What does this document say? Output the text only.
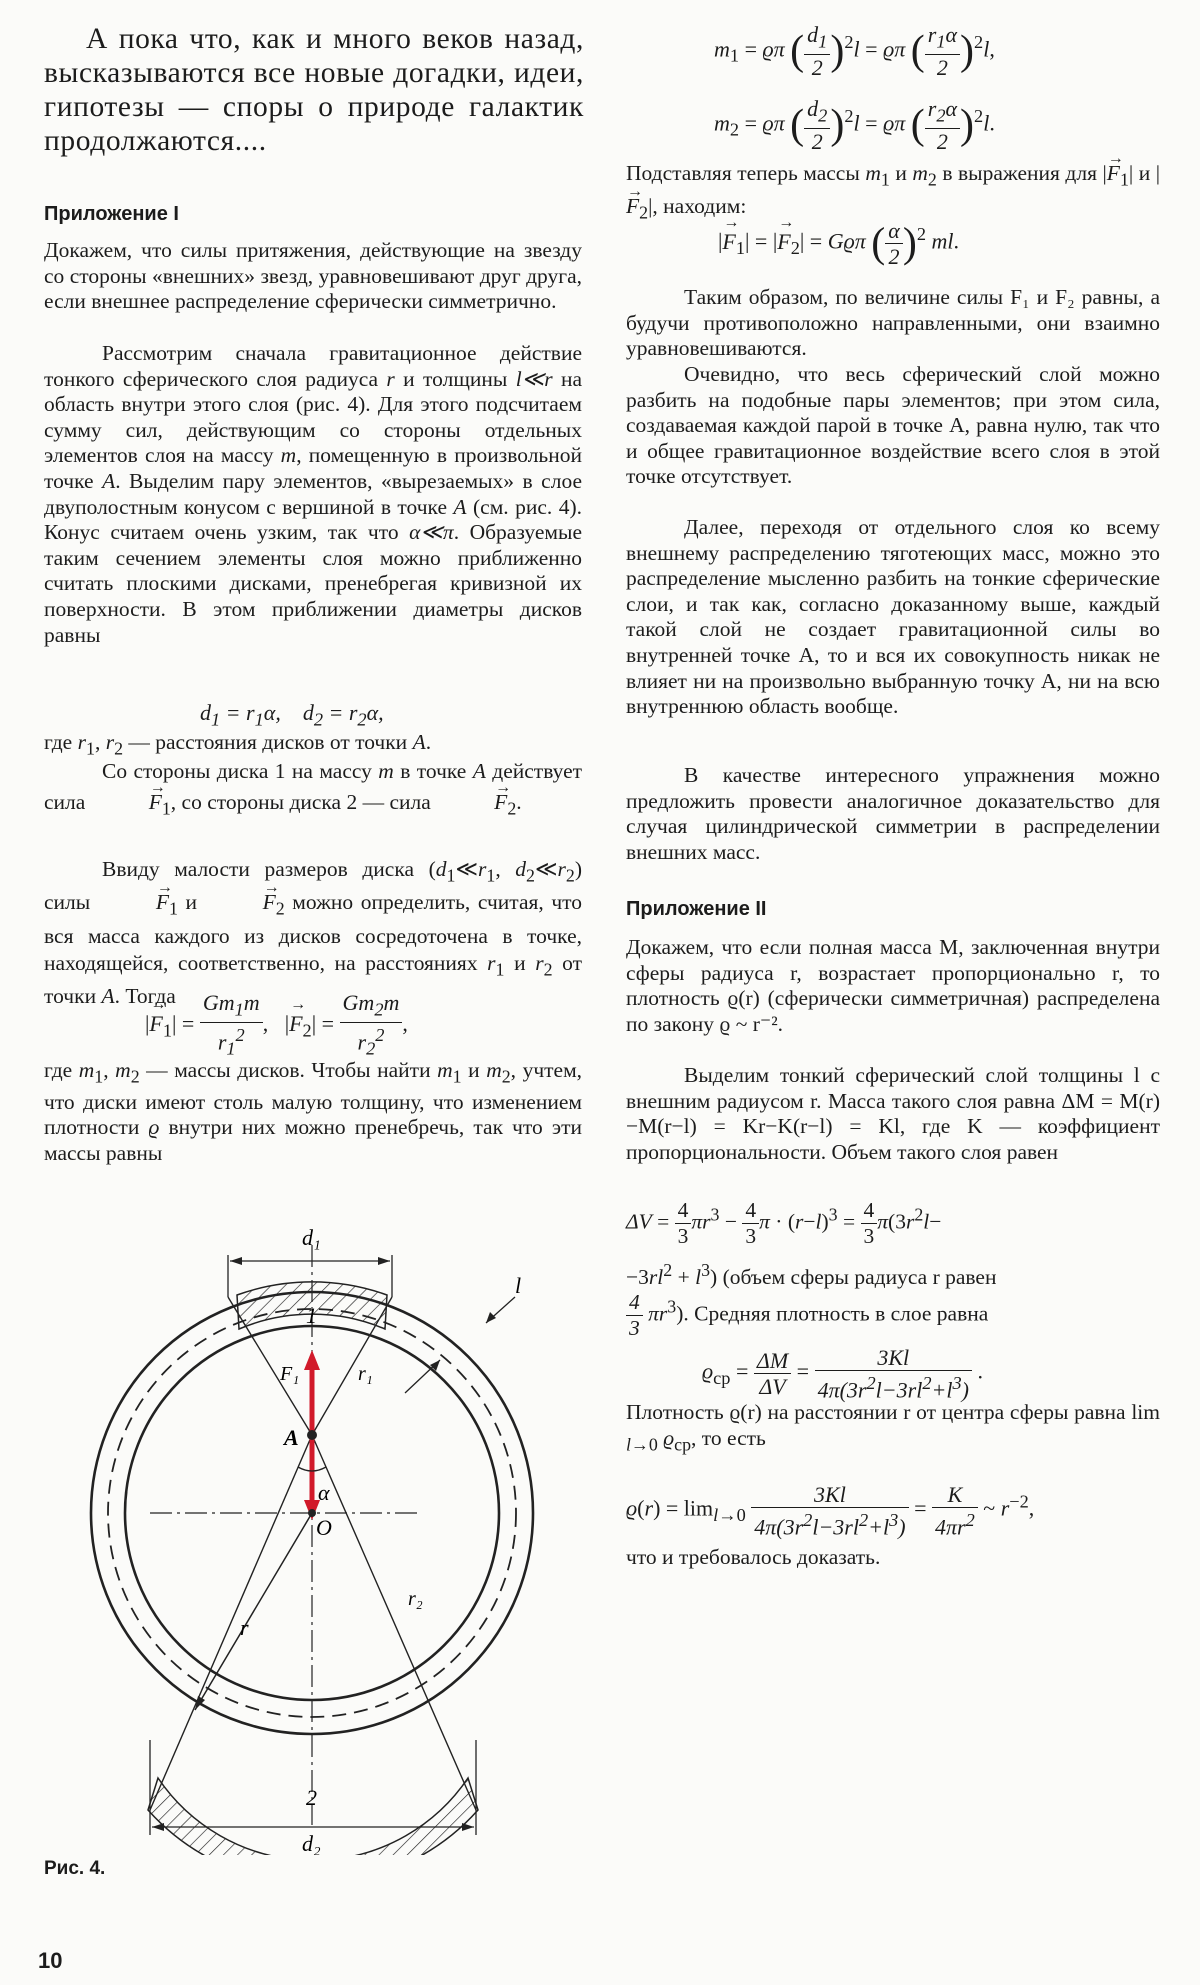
А пока что, как и много веков назад, высказываются все новые догадки, идеи, гипотезы — споры о природе галактик продолжаются....

Приложение I

Докажем, что силы притяжения, действующие на звезду со стороны «внешних» звезд, уравновешивают друг друга, если внешнее распределение сферически симметрично.

Рассмотрим сначала гравитационное действие тонкого сферического слоя радиуса r и толщины l≪r на область внутри этого слоя (рис. 4). Для этого подсчитаем сумму сил, действующим со стороны отдельных элементов слоя на массу m, помещенную в произвольной точке A. Выделим пару элементов, «вырезаемых» в слое двуполостным конусом с вершиной в точке A (см. рис. 4). Конус считаем очень узким, так что α≪π. Образуемые таким сечением элементы слоя можно приближенно считать плоскими дисками, пренебрегая кривизной их поверхности. В этом приближении диаметры дисков равны

$d_1 = r_1\alpha$,    $d_2 = r_2\alpha$,

где $r_1$, $r_2$ — расстояния дисков от точки A.

Со стороны диска 1 на массу m в точке A действует сила	→ $F_1$, со стороны диска 2 — сила	→ $F_2$.

Ввиду малости размеров диска ($d_1≪r_1$, $d_2≪r_2$) силы	→ $F_1$ и	→ $F_2$ можно определить, считая, что вся масса каждого из дисков сосредоточена в точке, находящейся, соответственно, на расстояниях $r_1$ и $r_2$ от точки A. Тогда

|→ $F_1| = \frac{Gm_1m}{r_1^2}$ ,   |→ $F_2| = \frac{Gm_2m}{r_2^2}$ ,

где $m_1$, $m_2$ — массы дисков. Чтобы найти $m_1$ и $m_2$, учтем, что диски имеют столь малую толщину, что изменением плотности ϱ внутри них можно пренебречь, так что эти массы равны

d₁
1
l
F₁	r₁
A
α
O
r
r₂
2
d₂
Рис. 4.
10
$m_1 = ϱ\pi$ ( $\frac{d_1}{2} )^2l = ϱ\pi$ ( $\frac{r_1\alpha}{2} )^2l$,
$m_2 = ϱ\pi$ ( $\frac{d_2}{2} )^2l = ϱ\pi$ ( $\frac{r_2\alpha}{2} )^2l$.

Подставляя теперь массы $m_1$ и $m_2$ в выражения для |→ $F_1|$ и |→ $F_2|$, находим:

|→ $F_1|$ = |→ $F_2| = Gϱ\pi$ ( $\frac{\alpha}{2} )^2$ ml.

Таким образом, по величине силы F₁ и F₂ равны, а будучи противоположно направленными, они взаимно уравновешиваются.

Очевидно, что весь сферический слой можно разбить на подобные пары элементов; при этом сила, создаваемая каждой парой в точке A, равна нулю, так что и общее гравитационное воздействие всего слоя в этой точке отсутствует.

Далее, переходя от отдельного слоя ко всему внешнему распределению тяготеющих масс, можно это распределение мысленно разбить на тонкие сферические слои, и так как, согласно доказанному выше, каждый такой слой не создает гравитационной силы во внутренней точке A, то и вся их совокупность никак не влияет ни на произвольно выбранную точку A, ни на всю внутреннюю область вообще.

В качестве интересного упражнения можно предложить провести аналогичное доказательство для случая цилиндрической симметрии в распределении внешних масс.

Приложение II

Докажем, что если полная масса M, заключенная внутри сферы радиуса r, возрастает пропорционально r, то плотность ϱ(r) (сферически симметричная) распределена по закону ϱ ~ r⁻².

Выделим тонкий сферический слой толщины l с внешним радиусом r. Масса такого слоя равна ΔM = M(r)−M(r−l) = Kr−K(r−l) = Kl, где K — коэффициент пропорциональности. Объем такого слоя равен

$\Delta V = \frac{4}{3} \pi r^3 - \frac{4}{3}$ $\pi \cdot (r-l)^3 = \frac{4}{3} \pi(3r^2l-$

$-3rl^2 + l^3$) (объем сферы радиуса r равен

$\frac{4}{3} \pi r^3$). Средняя плотность в слое равна
$ϱ_{ср} = \frac{\Delta M}{\Delta V} = \frac{3Kl}{4\pi(3r^2l-3rl^2+l^3)}$ .

Плотность ϱ(r) на расстоянии r от центра сферы равна lim $_{l\to 0}$ $ϱ_{ср}$, то есть

$ϱ(r) = \lim_{l\to 0} \frac{3Kl}{4\pi(3r^2l-3rl^2+l^3)} = \frac{K}{4\pi r^2}$ ~ $r^{-2}$,

что и требовалось доказать.
